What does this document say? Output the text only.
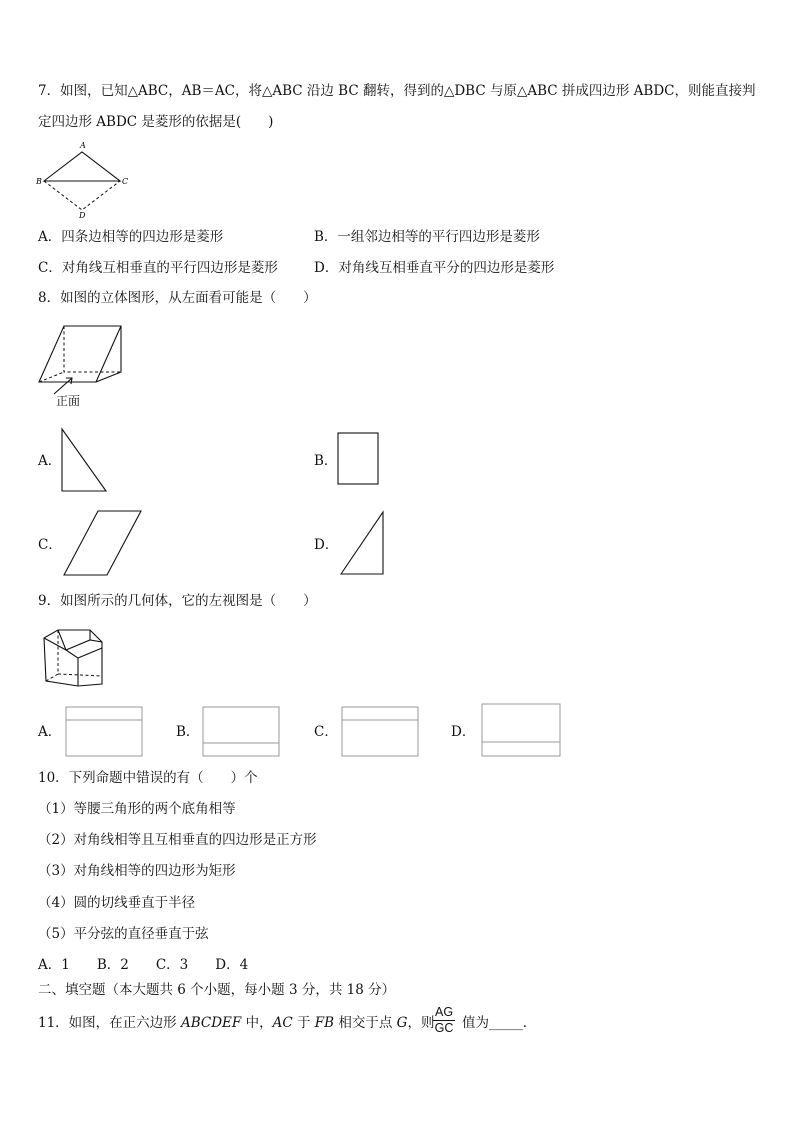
7．如图，已知△ABC，AB＝AC，将△ABC 沿边 BC 翻转，得到的△DBC 与原△ABC 拼成四边形 ABDC，则能直接判
定四边形 ABDC 是菱形的依据是(　　)
A
B	C
D
A．四条边相等的四边形是菱形	B．一组邻边相等的平行四边形是菱形
C．对角线互相垂直的平行四边形是菱形	D．对角线互相垂直平分的四边形是菱形
8．如图的立体图形，从左面看可能是（　　）
正面
A．	B．
C．	D．
9．如图所示的几何体，它的左视图是（　　）
A．	B．	C．	D．
10．下列命题中错误的有（　　）个
（1）等腰三角形的两个底角相等
（2）对角线相等且互相垂直的四边形是正方形
（3）对角线相等的四边形为矩形
（4）圆的切线垂直于半径
（5）平分弦的直径垂直于弦
A．1　　B．2　　C．3　　D．4
二、填空题（本大题共 6 个小题，每小题 3 分，共 18 分）
11．如图，在正六边形 ABCDEF 中，AC 于 FB 相交于点 G，则
$\frac{AG}{GC}$ 值为_____．
